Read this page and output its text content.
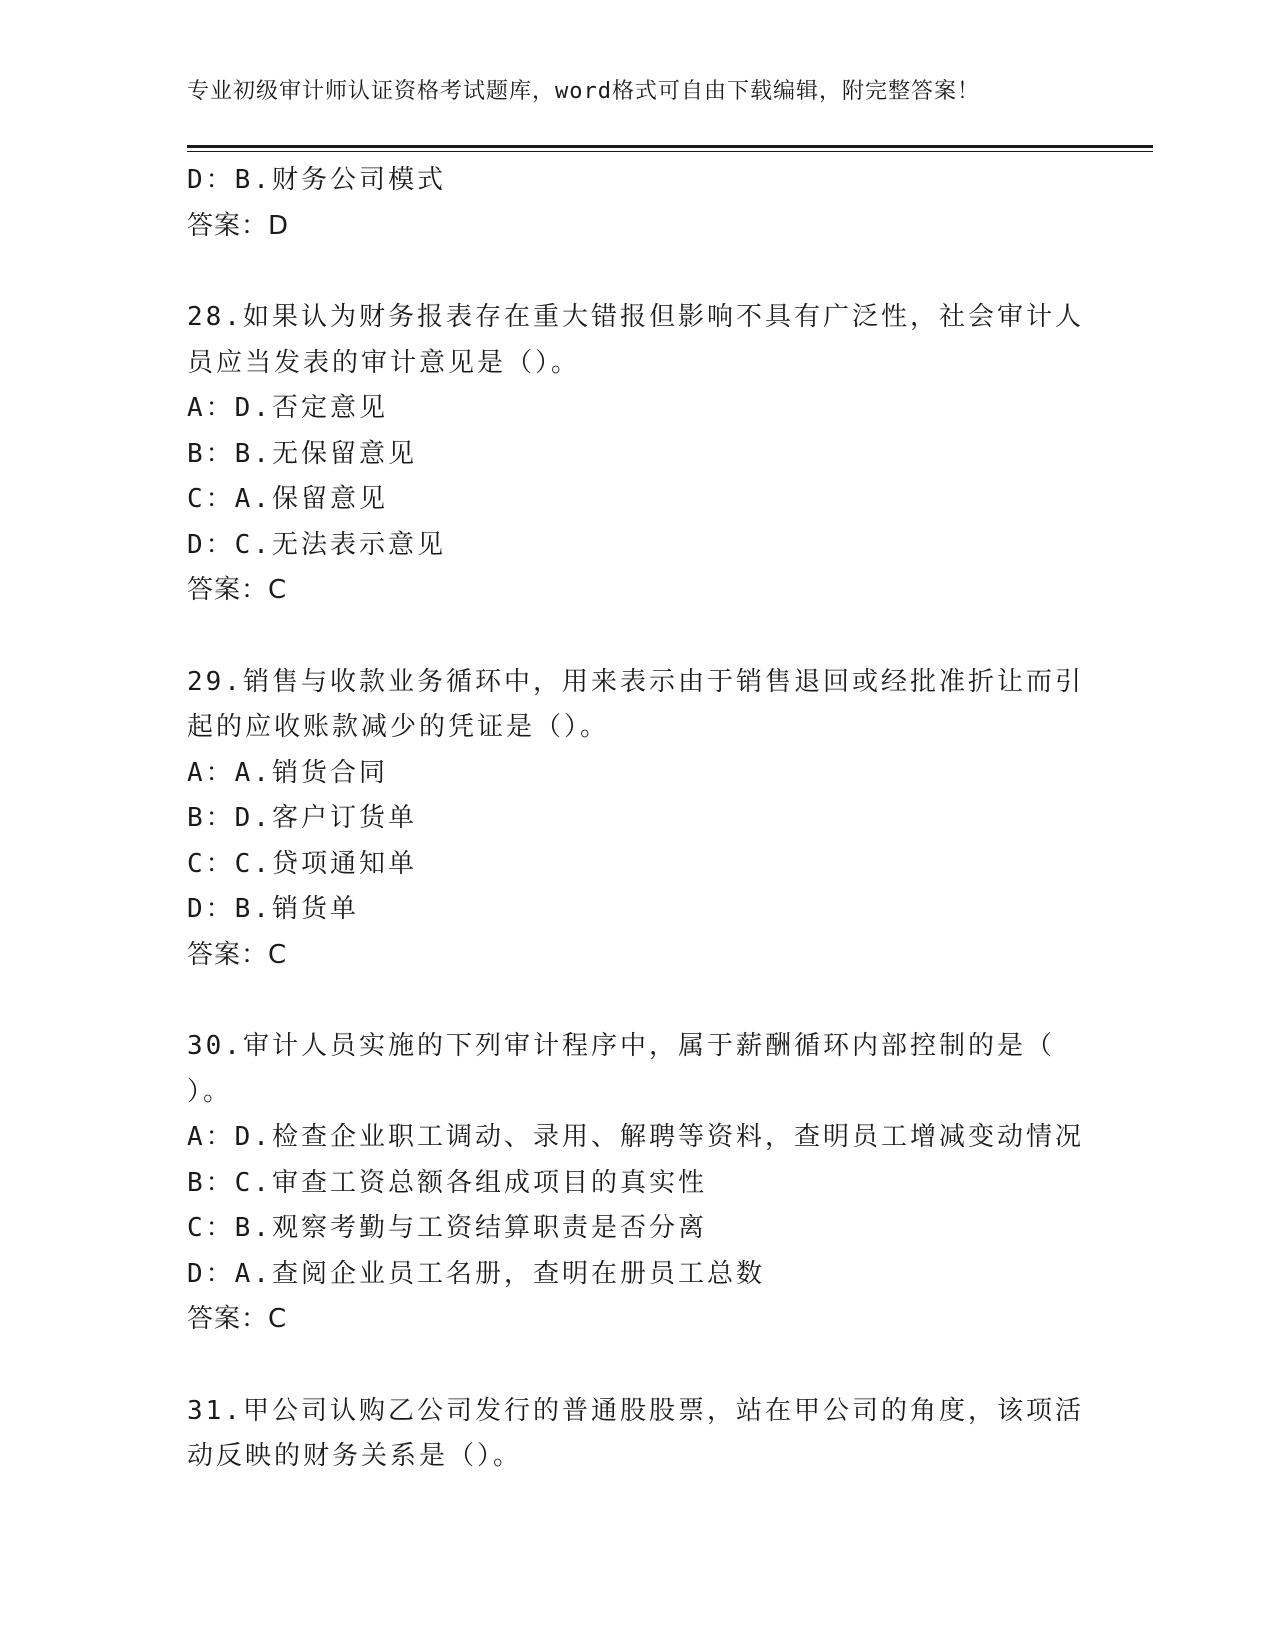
专业初级审计师认证资格考试题库，word格式可自由下载编辑，附完整答案！
D：B.财务公司模式
答案：D
28.如果认为财务报表存在重大错报但影响不具有广泛性，社会审计人
员应当发表的审计意见是（）。
A：D.否定意见
B：B.无保留意见
C：A.保留意见
D：C.无法表示意见
答案：C
29.销售与收款业务循环中，用来表示由于销售退回或经批准折让而引
起的应收账款减少的凭证是（）。
A：A.销货合同
B：D.客户订货单
C：C.贷项通知单
D：B.销货单
答案：C
30.审计人员实施的下列审计程序中，属于薪酬循环内部控制的是（
）。
A：D.检查企业职工调动、录用、解聘等资料，查明员工增减变动情况
B：C.审查工资总额各组成项目的真实性
C：B.观察考勤与工资结算职责是否分离
D：A.查阅企业员工名册，查明在册员工总数
答案：C
31.甲公司认购乙公司发行的普通股股票，站在甲公司的角度，该项活
动反映的财务关系是（）。
